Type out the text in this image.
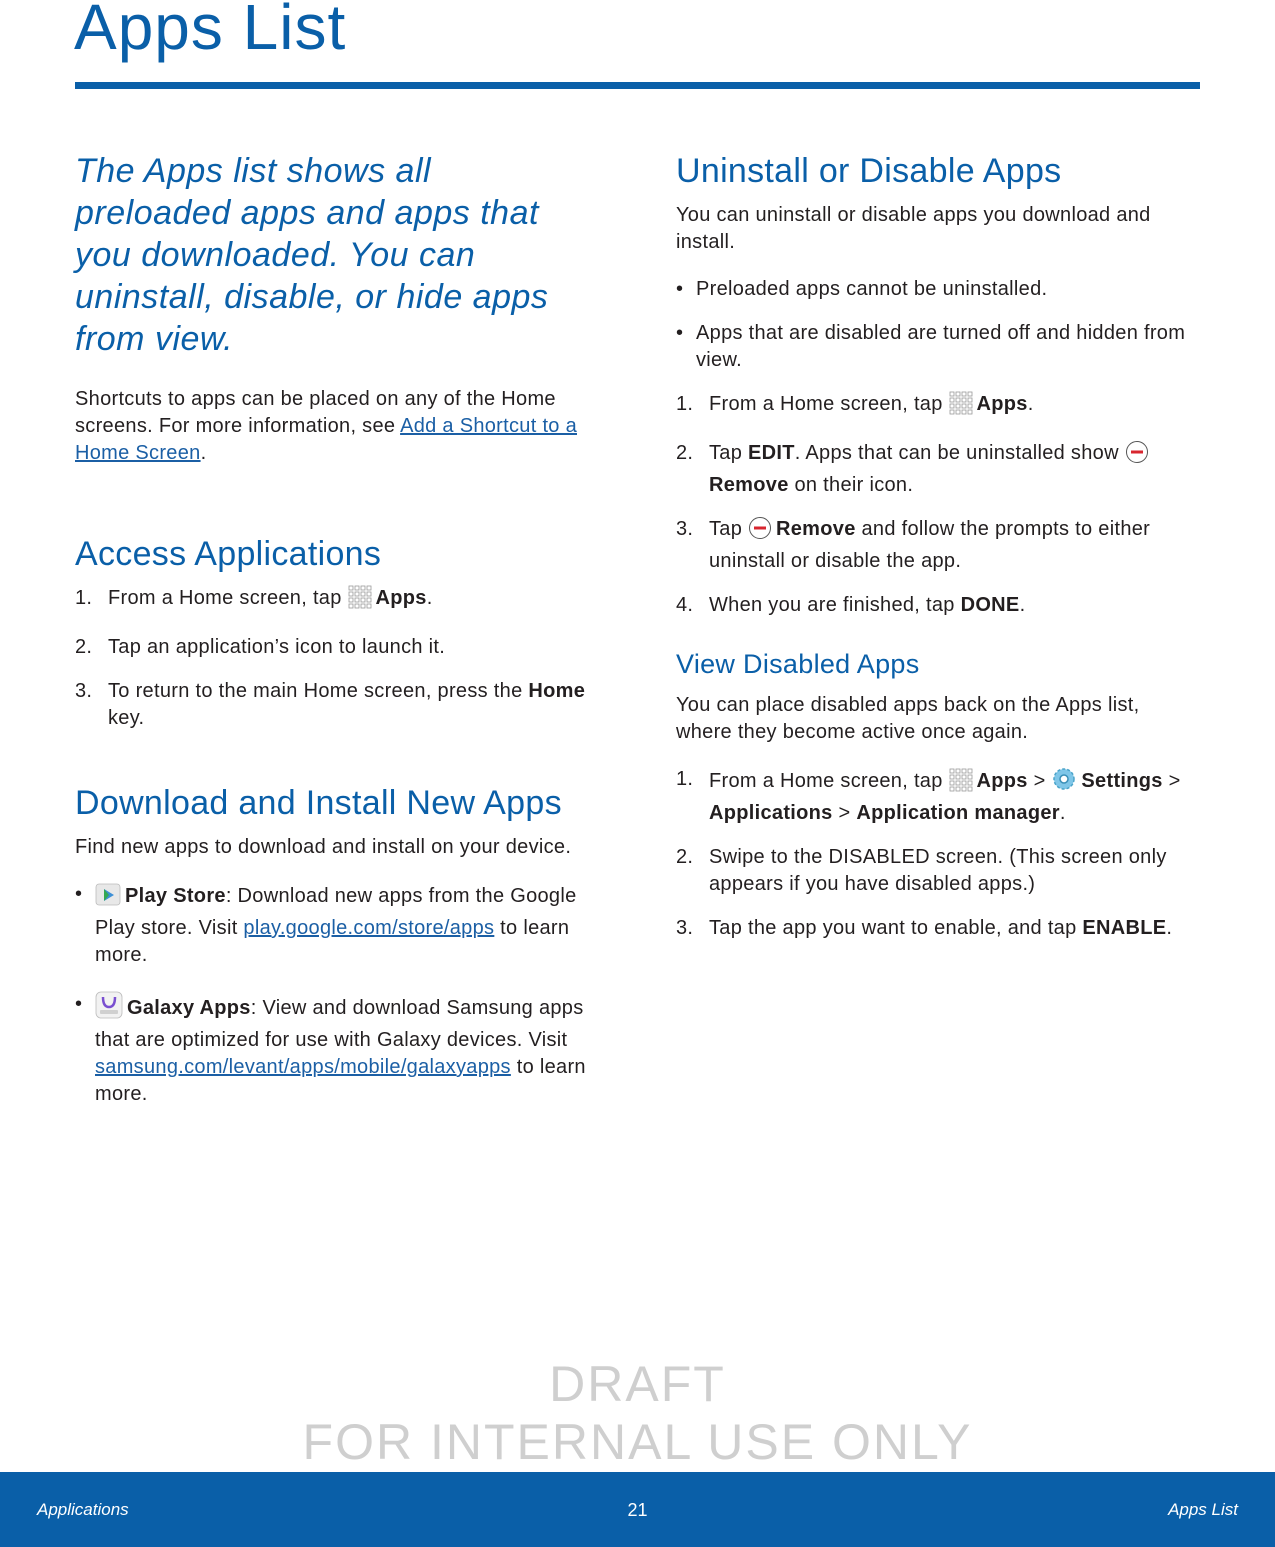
Apps List

The Apps list shows all preloaded apps and apps that you downloaded. You can uninstall, disable, or hide apps from view.

Shortcuts to apps can be placed on any of the Home screens. For more information, see Add a Shortcut to a Home Screen.

Access Applications
1. From a Home screen, tap Apps.
2. Tap an application’s icon to launch it.
3. To return to the main Home screen, press the Home key.
Download and Install New Apps

Find new apps to download and install on your device.

• Play Store: Download new apps from the Google Play store. Visit play.google.com/store/apps to learn more.
• Galaxy Apps: View and download Samsung apps that are optimized for use with Galaxy devices. Visit samsung.com/levant/apps/mobile/galaxyapps to learn more.
Uninstall or Disable Apps

You can uninstall or disable apps you download and install.

• Preloaded apps cannot be uninstalled.
• Apps that are disabled are turned off and hidden from view.
1. From a Home screen, tap Apps.
2. Tap EDIT. Apps that can be uninstalled show Remove on their icon.
3. Tap Remove and follow the prompts to either uninstall or disable the app.
4. When you are finished, tap DONE.
View Disabled Apps

You can place disabled apps back on the Apps list, where they become active once again.

1. From a Home screen, tap Apps > Settings > Applications > Application manager.
2. Swipe to the DISABLED screen. (This screen only appears if you have disabled apps.)
3. Tap the app you want to enable, and tap ENABLE.
DRAFT
FOR INTERNAL USE ONLY
Applications	21	Apps List
